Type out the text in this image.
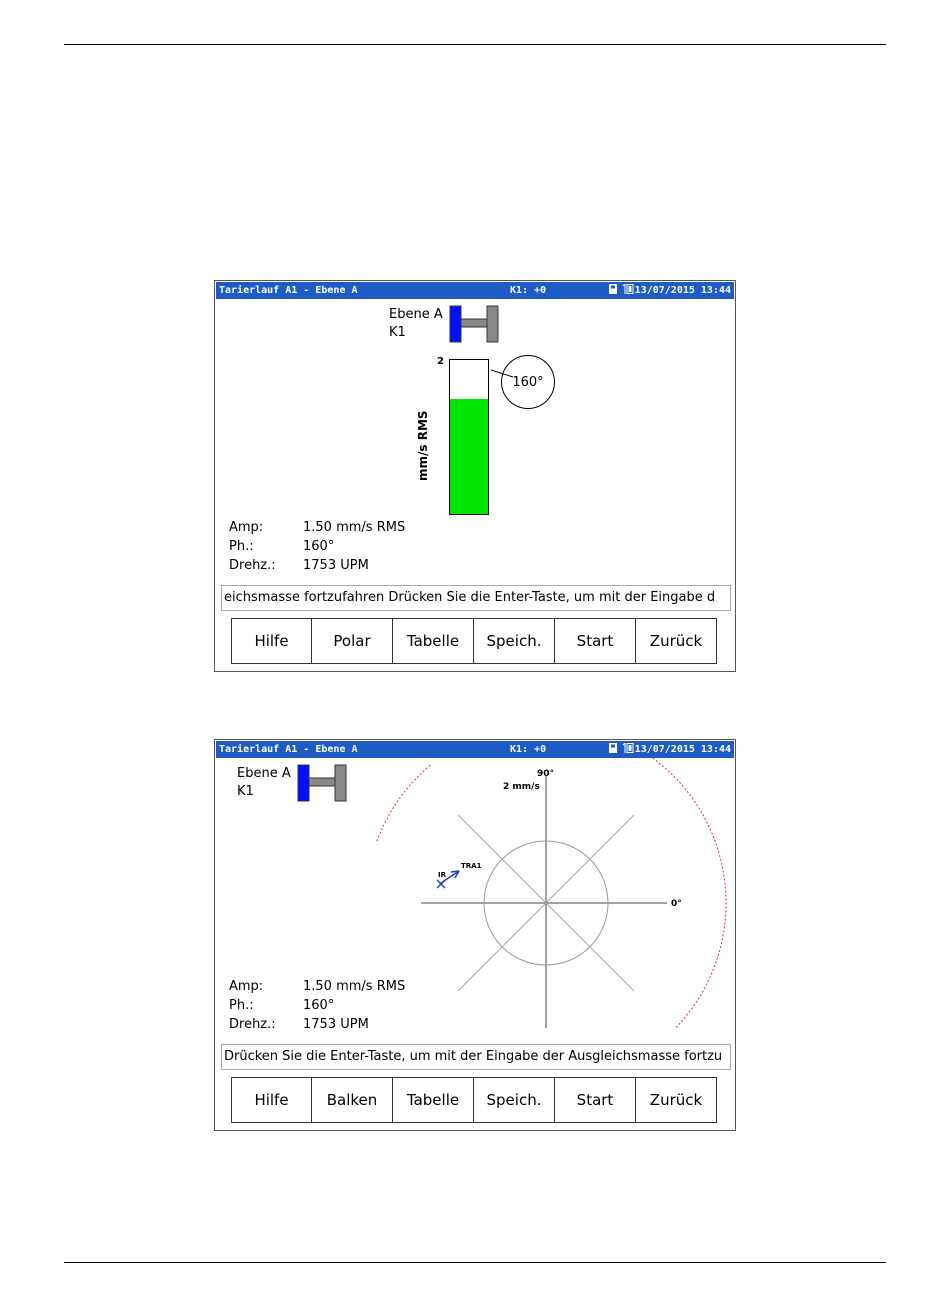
Tarierlauf A1 - Ebene A	K1: +0
	13/07/2015 13:44
Ebene A
K1
2
mm/s RMS
160°
Amp:	1.50 mm/s RMS
Ph.:	160°
Drehz.: 1753 UPM
eichsmasse fortzufahren Drücken Sie die Enter-Taste, um mit der Eingabe d
Hilfe	Polar	Tabelle	Speich.	Start	Zurück
Tarierlauf A1 - Ebene A	K1: +0
	13/07/2015 13:44
Ebene A
K1
90°
2 mm/s
0°
TRA1
IR
Amp:	1.50 mm/s RMS
Ph.:	160°
Drehz.: 1753 UPM
Drücken Sie die Enter-Taste, um mit der Eingabe der Ausgleichsmasse fortzu
Hilfe	Balken	Tabelle	Speich.	Start	Zurück
